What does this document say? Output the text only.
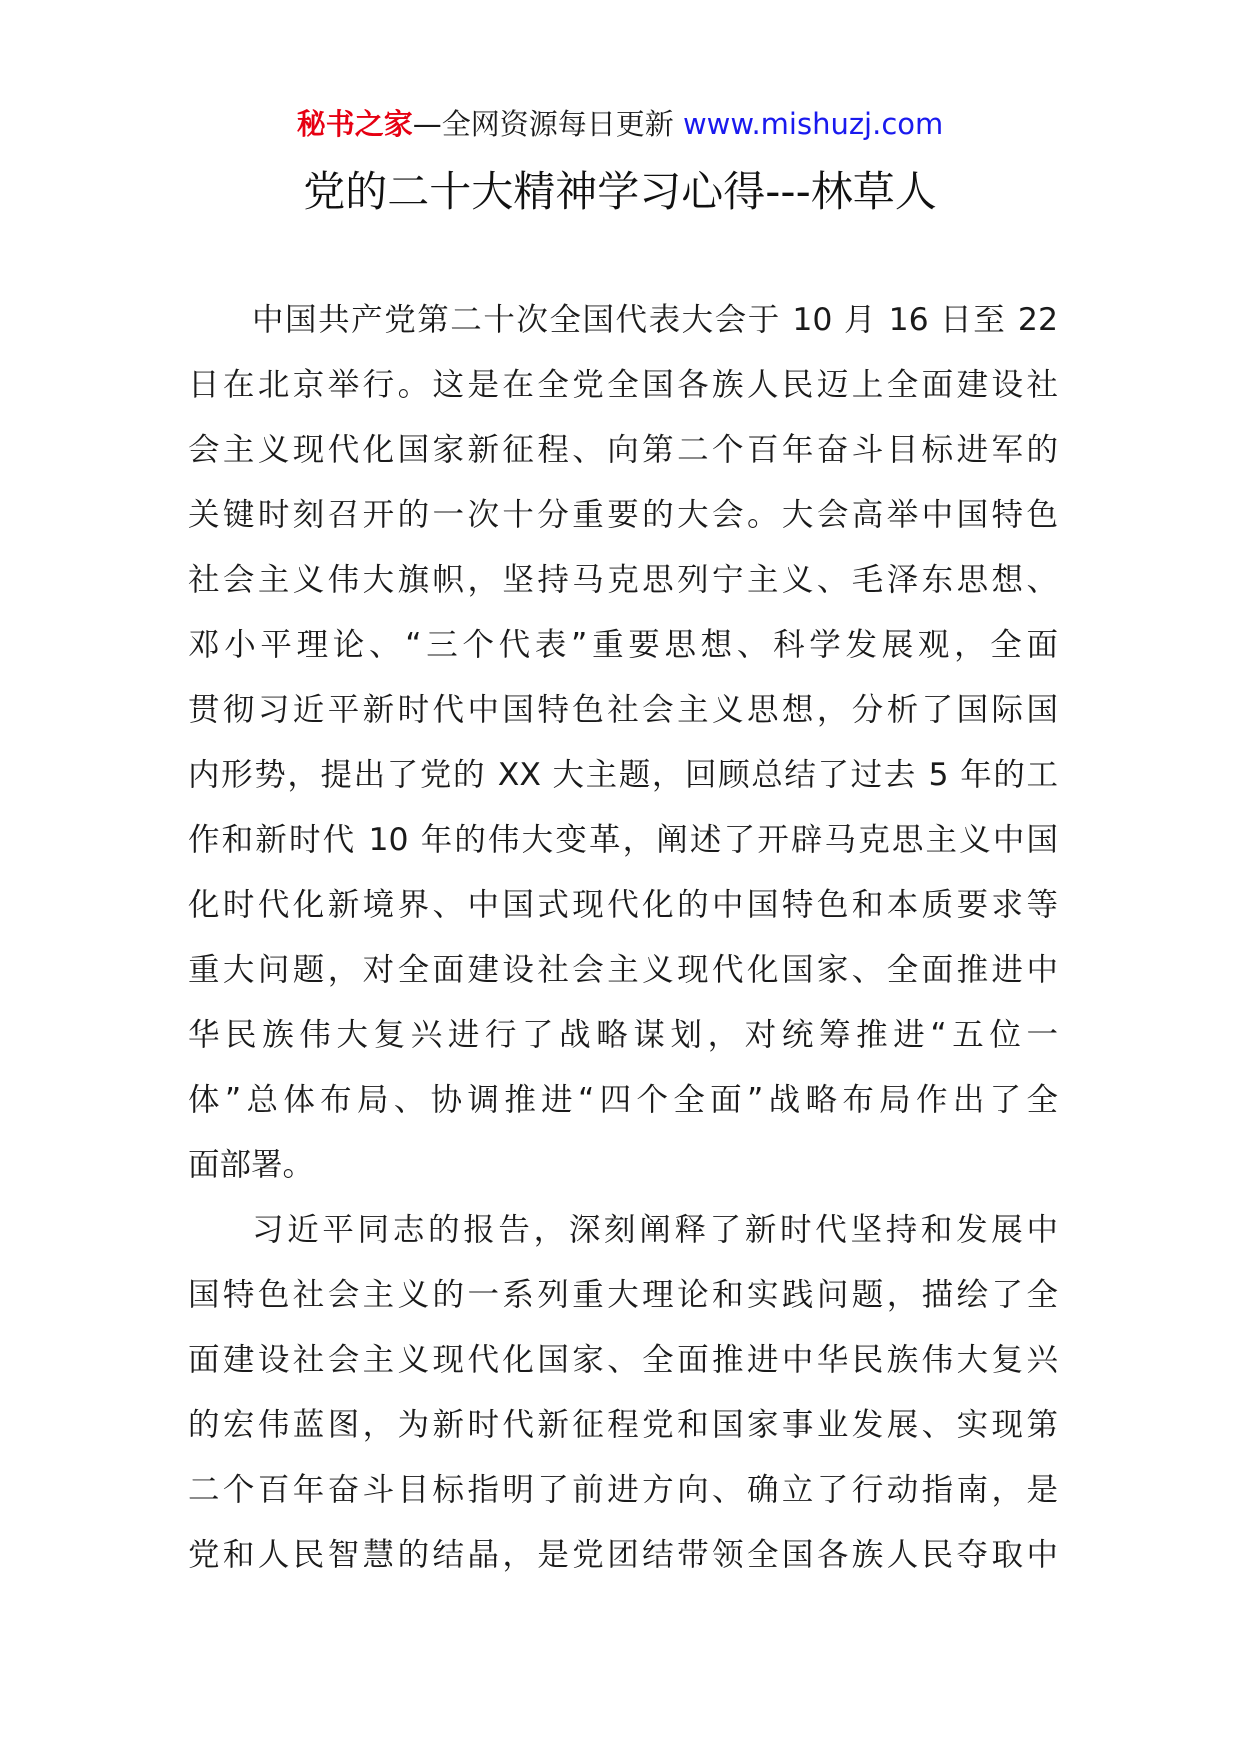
秘书之家—全网资源每日更新 www.mishuzj.com
党的二十大精神学习心得---林草人
中国共产党第二十次全国代表大会于 10 月 16 日至 22
日在北京举行。这是在全党全国各族人民迈上全面建设社
会主义现代化国家新征程、向第二个百年奋斗目标进军的
关键时刻召开的一次十分重要的大会。大会高举中国特色
社会主义伟大旗帜，坚持马克思列宁主义、毛泽东思想、
邓小平理论、“三个代表”重要思想、科学发展观，全面
贯彻习近平新时代中国特色社会主义思想，分析了国际国
内形势，提出了党的 XX 大主题，回顾总结了过去 5 年的工
作和新时代 10 年的伟大变革，阐述了开辟马克思主义中国
化时代化新境界、中国式现代化的中国特色和本质要求等
重大问题，对全面建设社会主义现代化国家、全面推进中
华民族伟大复兴进行了战略谋划，对统筹推进“五位一
体”总体布局、协调推进“四个全面”战略布局作出了全
面部署。
习近平同志的报告，深刻阐释了新时代坚持和发展中
国特色社会主义的一系列重大理论和实践问题，描绘了全
面建设社会主义现代化国家、全面推进中华民族伟大复兴
的宏伟蓝图，为新时代新征程党和国家事业发展、实现第
二个百年奋斗目标指明了前进方向、确立了行动指南，是
党和人民智慧的结晶，是党团结带领全国各族人民夺取中
